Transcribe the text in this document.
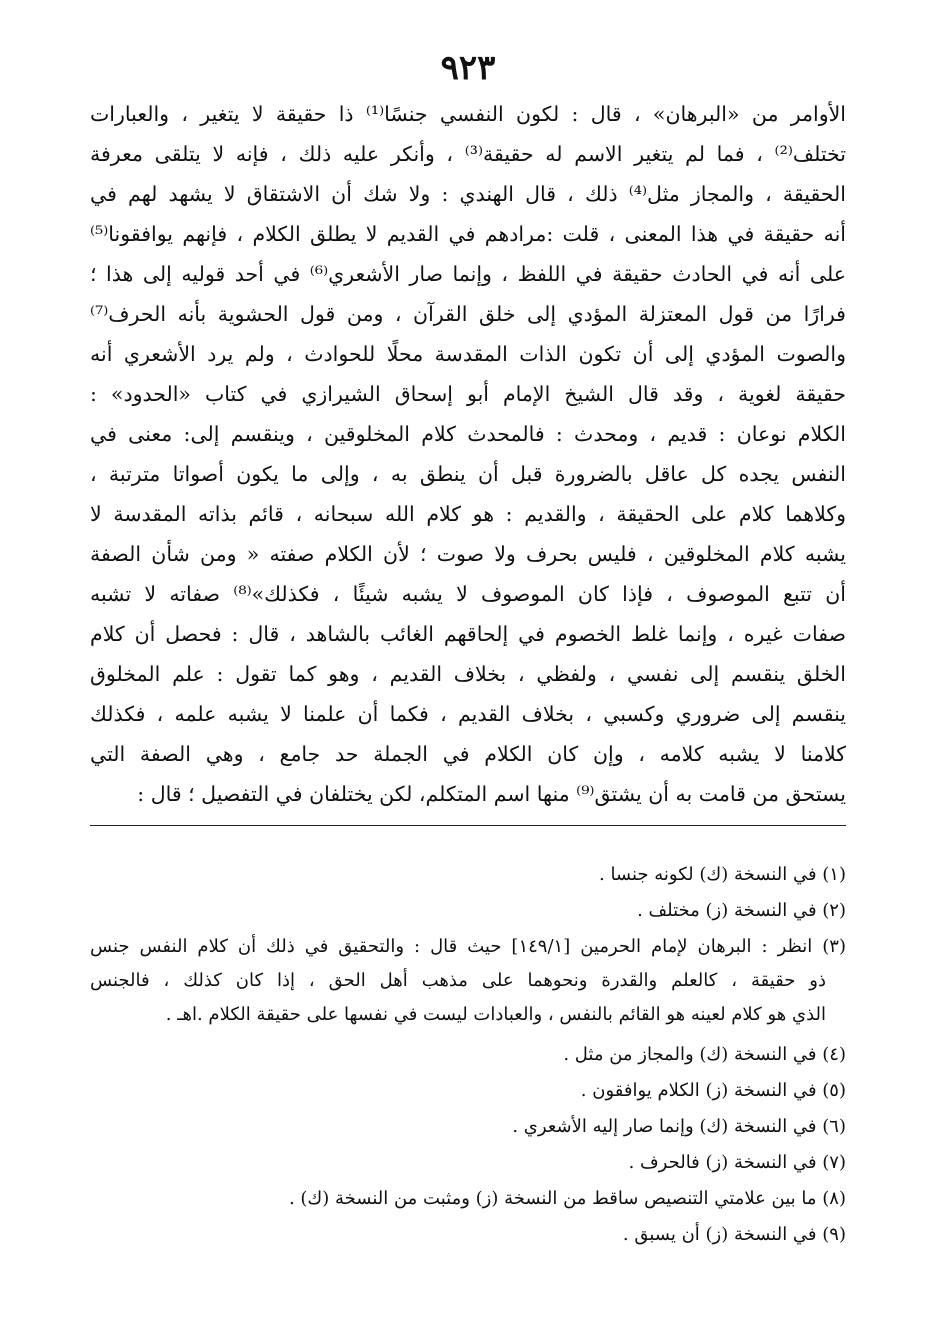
٩٢٣
الأوامر من «البرهان» ، قال : لكون النفسي جنسًا⁽¹⁾ ذا حقيقة لا يتغير ، والعبارات
تختلف⁽²⁾ ، فما لم يتغير الاسم له حقيقة⁽³⁾ ، وأنكر عليه ذلك ، فإنه لا يتلقى معرفة
الحقيقة ، والمجاز مثل⁽⁴⁾ ذلك ، قال الهندي : ولا شك أن الاشتقاق لا يشهد لهم في
أنه حقيقة في هذا المعنى ، قلت :مرادهم في القديم لا يطلق الكلام ، فإنهم يوافقونا⁽⁵⁾
على أنه في الحادث حقيقة في اللفظ ، وإنما صار الأشعري⁽⁶⁾ في أحد قوليه إلى هذا ؛
فرارًا من قول المعتزلة المؤدي إلى خلق القرآن ، ومن قول الحشوية بأنه الحرف⁽⁷⁾
والصوت المؤدي إلى أن تكون الذات المقدسة محلًا للحوادث ، ولم يرد الأشعري أنه
حقيقة لغوية ، وقد قال الشيخ الإمام أبو إسحاق الشيرازي في كتاب «الحدود» :
الكلام نوعان : قديم ، ومحدث : فالمحدث كلام المخلوقين ، وينقسم إلى: معنى في
النفس يجده كل عاقل بالضرورة قبل أن ينطق به ، وإلى ما يكون أصواتا مترتبة ،
وكلاهما كلام على الحقيقة ، والقديم : هو كلام الله سبحانه ، قائم بذاته المقدسة لا
يشبه كلام المخلوقين ، فليس بحرف ولا صوت ؛ لأن الكلام صفته « ومن شأن الصفة
أن تتبع الموصوف ، فإذا كان الموصوف لا يشبه شيئًا ، فكذلك»⁽⁸⁾ صفاته لا تشبه
صفات غيره ، وإنما غلط الخصوم في إلحاقهم الغائب بالشاهد ، قال : فحصل أن كلام
الخلق ينقسم إلى نفسي ، ولفظي ، بخلاف القديم ، وهو كما تقول : علم المخلوق
ينقسم إلى ضروري وكسبي ، بخلاف القديم ، فكما أن علمنا لا يشبه علمه ، فكذلك
كلامنا لا يشبه كلامه ، وإن كان الكلام في الجملة حد جامع ، وهي الصفة التي
يستحق من قامت به أن يشتق⁽⁹⁾ منها اسم المتكلم، لكن يختلفان في التفصيل ؛ قال :
(١) في النسخة (ك) لكونه جنسا .
(٢) في النسخة (ز) مختلف .
(٣) انظر : البرهان لإمام الحرمين [١٤٩/١] حيث قال : والتحقيق في ذلك أن كلام النفس جنس
ذو حقيقة ، كالعلم والقدرة ونحوهما على مذهب أهل الحق ، إذا كان كذلك ، فالجنس
الذي هو كلام لعينه هو القائم بالنفس ، والعبادات ليست في نفسها على حقيقة الكلام .اهـ .
(٤) في النسخة (ك) والمجاز من مثل .
(٥) في النسخة (ز) الكلام يوافقون .
(٦) في النسخة (ك) وإنما صار إليه الأشعري .
(٧) في النسخة (ز) فالحرف .
(٨) ما بين علامتي التنصيص ساقط من النسخة (ز) ومثبت من النسخة (ك) .
(٩) في النسخة (ز) أن يسبق .
